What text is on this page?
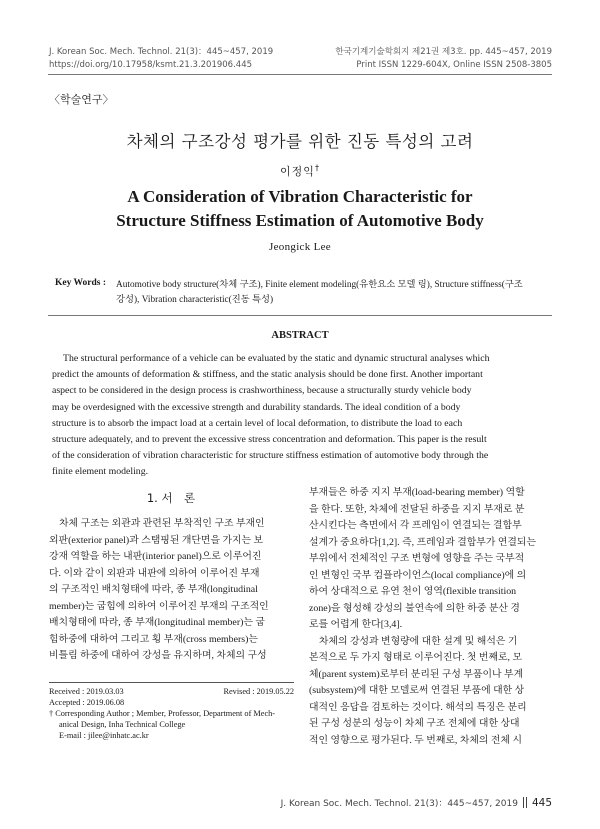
J. Korean Soc. Mech. Technol. 21(3)：445~457, 2019
https://doi.org/10.17958/ksmt.21.3.201906.445
한국기계기술학회지 제21권 제3호. pp. 445~457, 2019
Print ISSN 1229-604X, Online ISSN 2508-3805
〈학술연구〉
차체의 구조강성 평가를 위한 진동 특성의 고려
이정익†
A Consideration of Vibration Characteristic for
Structure Stiffness Estimation of Automotive Body
Jeongick Lee
Key Words : Automotive body structure(차체 구조), Finite element modeling(유한요소 모델 링), Structure stiffness(구조
강성), Vibration characteristic(진동 특성)
ABSTRACT
The structural performance of a vehicle can be evaluated by the static and dynamic structural analyses which
predict the amounts of deformation & stiffness, and the static analysis should be done first. Another important
aspect to be considered in the design process is crashworthiness, because a structurally sturdy vehicle body
may be overdesigned with the excessive strength and durability standards. The ideal condition of a body
structure is to absorb the impact load at a certain level of local deformation, to distribute the load to each
structure adequately, and to prevent the excessive stress concentration and deformation. This paper is the result
of the consideration of vibration characteristic for structure stiffness estimation of automotive body through the
finite element modeling.
1. 서　론
차체 구조는 외관과 관련된 부착적인 구조 부재인
외판(exterior panel)과 스탬핑된 개단면을 가지는 보
강재 역할을 하는 내판(interior panel)으로 이루어진
다. 이와 같이 외판과 내판에 의하여 이루어진 부재
의 구조적인 배치형태에 따라, 종 부재(longitudinal
member)는 굽힘에 의하여 이루어진 부재의 구조적인
배치형태에 따라, 종 부재(longitudinal member)는 굽
힘하중에 대하여 그리고 횡 부재(cross members)는
비틀림 하중에 대하여 강성을 유지하며, 차체의 구성
부재들은 하중 지지 부재(load-bearing member) 역할
을 한다. 또한, 차체에 전달된 하중을 지지 부재로 분
산시킨다는 측면에서 각 프레임이 연결되는 결합부
설계가 중요하다[1,2]. 즉, 프레임과 결합부가 연결되는
부위에서 전체적인 구조 변형에 영향을 주는 국부적
인 변형인 국부 컴플라이언스(local compliance)에 의
하여 상대적으로 유연 천이 영역(flexible transition
zone)을 형성해 강성의 불연속에 의한 하중 분산 경
로를 어렵게 한다[3,4].
　차체의 강성과 변형량에 대한 설계 및 해석은 기
본적으로 두 가지 형태로 이루어진다. 첫 번째로, 모
체(parent system)로부터 분리된 구성 부품이나 부계
(subsystem)에 대한 모델로써 연결된 부품에 대한 상
대적인 응답을 검토하는 것이다. 해석의 특징은 분리
된 구성 성분의 성능이 차체 구조 전체에 대한 상대
적인 영향으로 평가된다. 두 번째로, 차체의 전체 시
Received : 2019.03.03	Revised : 2019.05.22
Accepted : 2019.06.08
† Corresponding Author ; Member, Professor, Department of Mech-
anical Design, Inha Technical College
E-mail : jilee@inhatc.ac.kr
J. Korean Soc. Mech. Technol. 21(3)：445~457, 2019 445
